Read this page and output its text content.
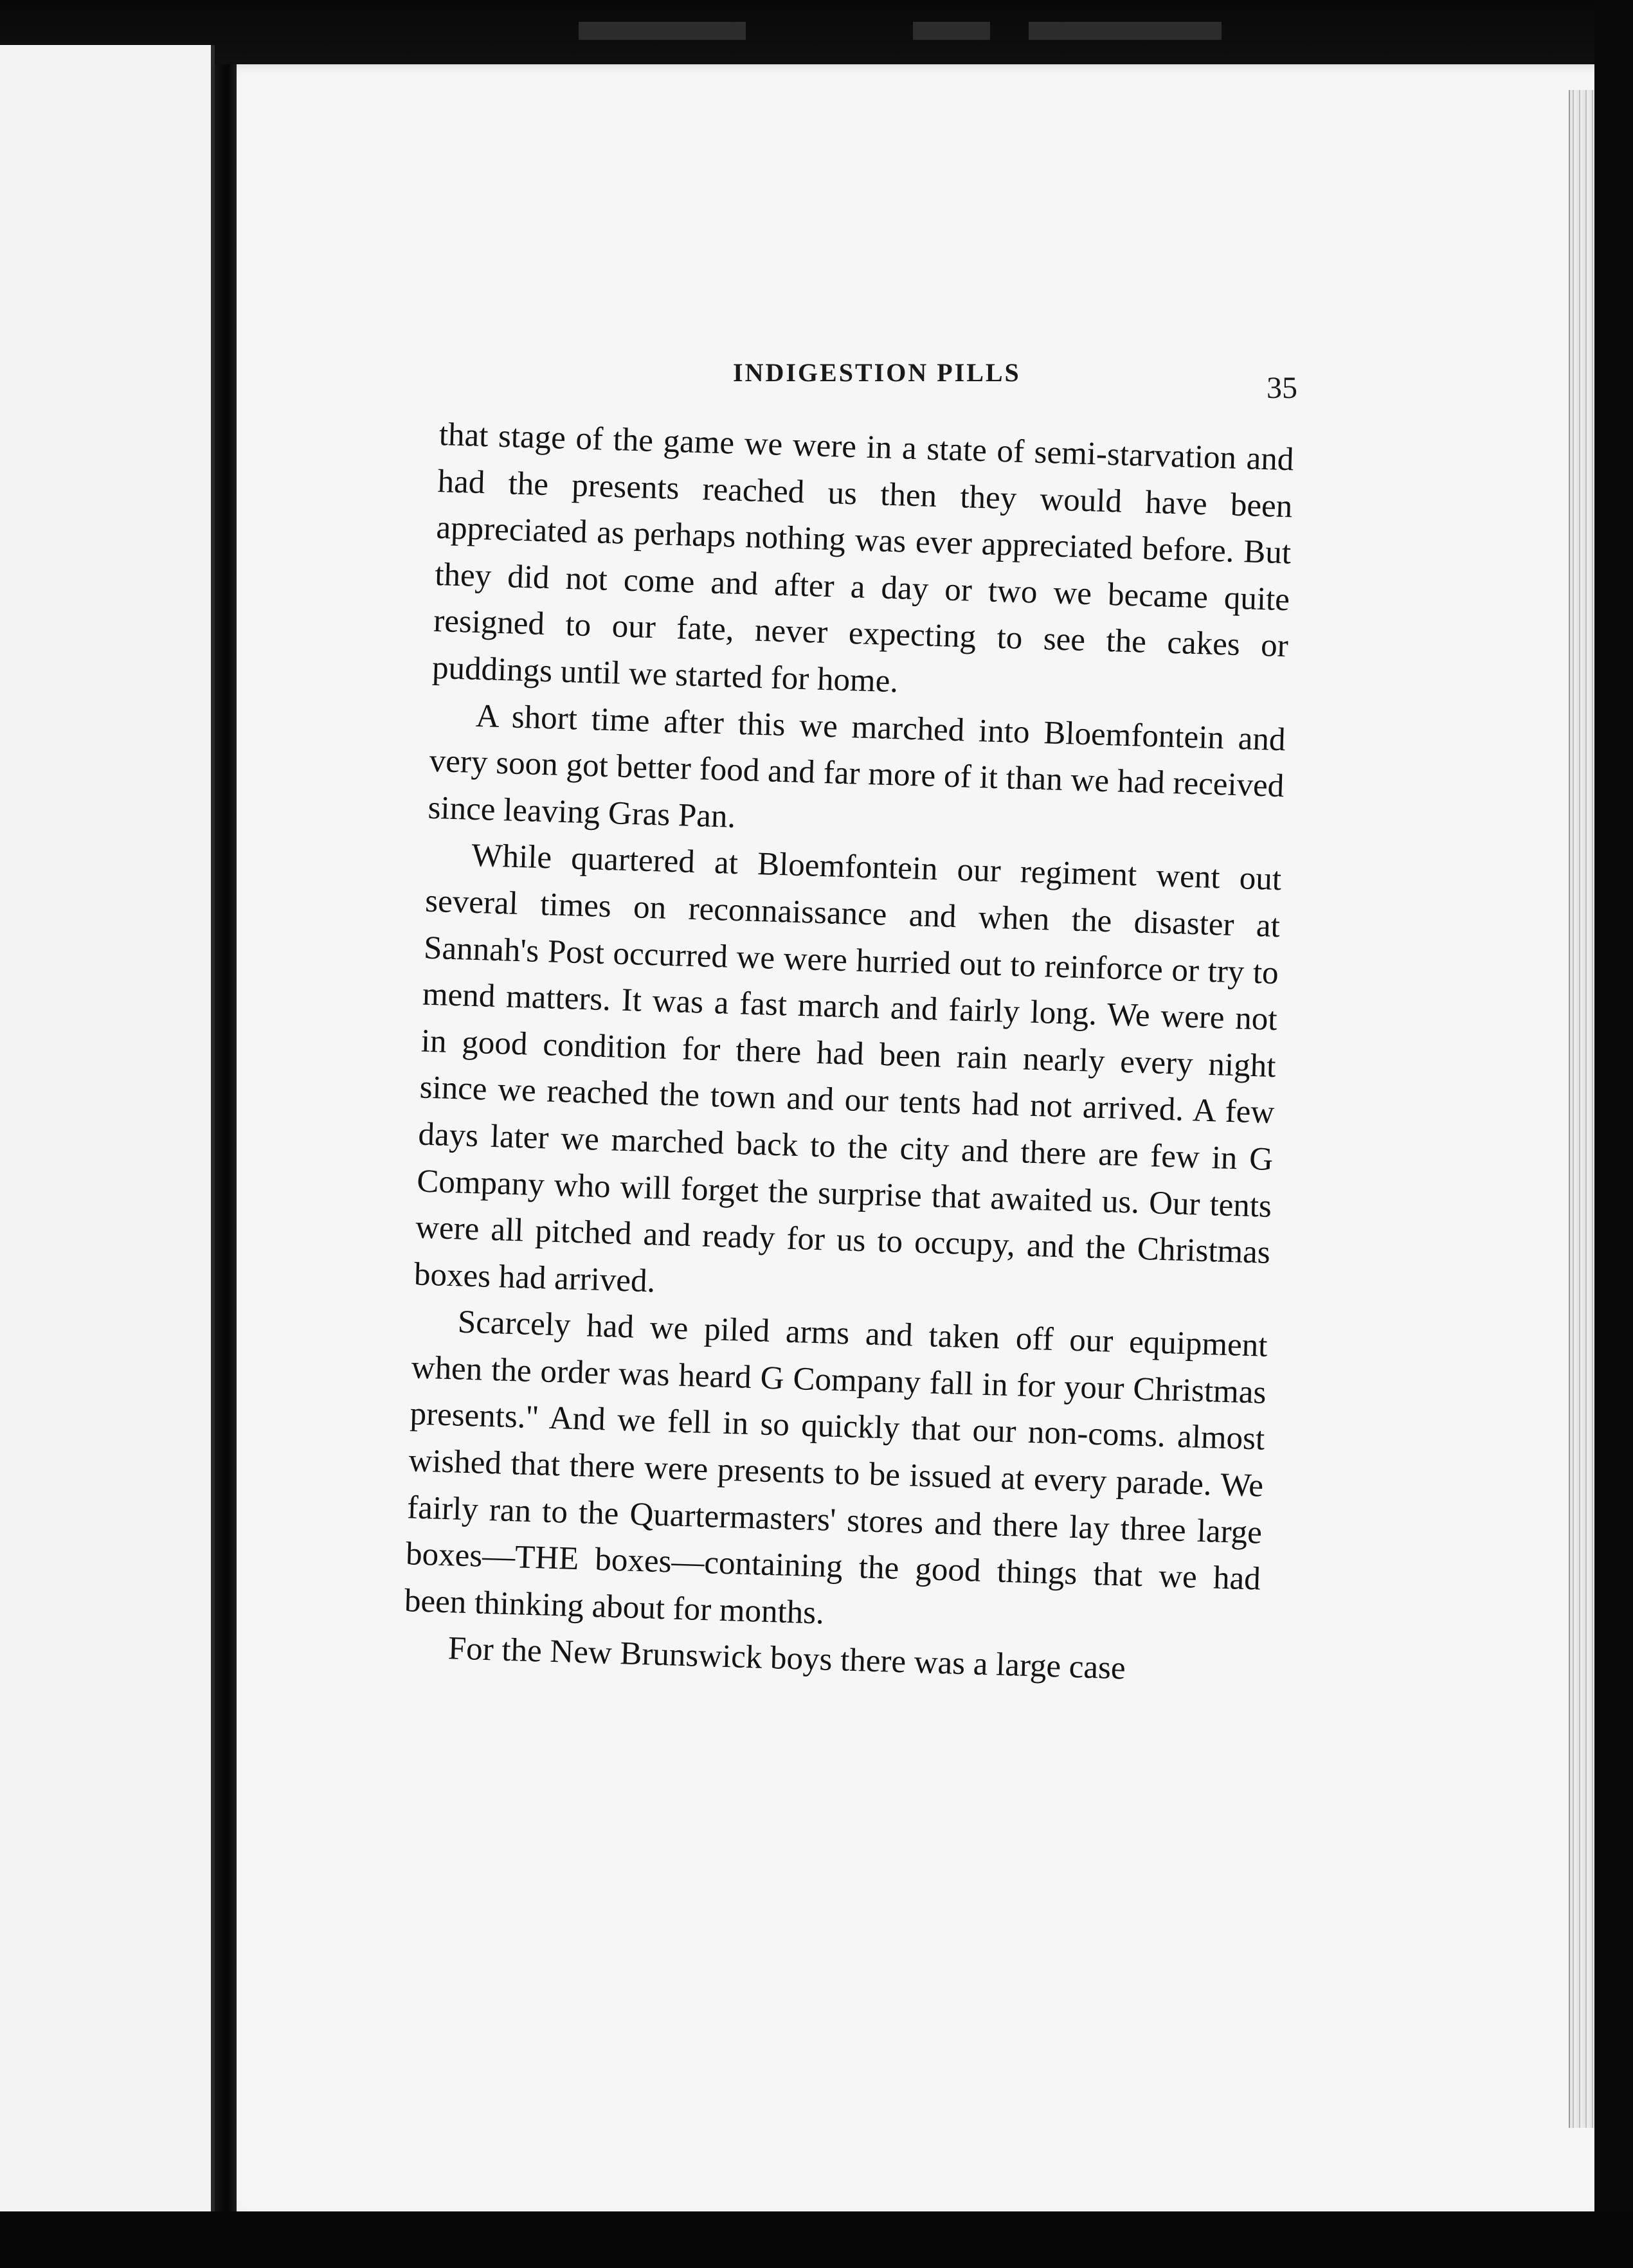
INDIGESTION PILLS	35

that stage of the game we were in a state of semi-starvation and had the presents reached us then they would have been appreciated as perhaps nothing was ever appreciated before. But they did not come and after a day or two we became quite resigned to our fate, never expecting to see the cakes or puddings until we started for home.

A short time after this we marched into Bloemfontein and very soon got better food and far more of it than we had received since leaving Gras Pan.

While quartered at Bloemfontein our regiment went out several times on reconnaissance and when the disaster at Sannah's Post occurred we were hurried out to reinforce or try to mend matters. It was a fast march and fairly long. We were not in good condition for there had been rain nearly every night since we reached the town and our tents had not arrived. A few days later we marched back to the city and there are few in G Company who will forget the surprise that awaited us. Our tents were all pitched and ready for us to occupy, and the Christmas boxes had arrived.

Scarcely had we piled arms and taken off our equipment when the order was heard G Company fall in for your Christmas presents." And we fell in so quickly that our non-coms. almost wished that there were presents to be issued at every parade. We fairly ran to the Quartermasters' stores and there lay three large boxes—THE boxes—containing the good things that we had been thinking about for months.

For the New Brunswick boys there was a large case
